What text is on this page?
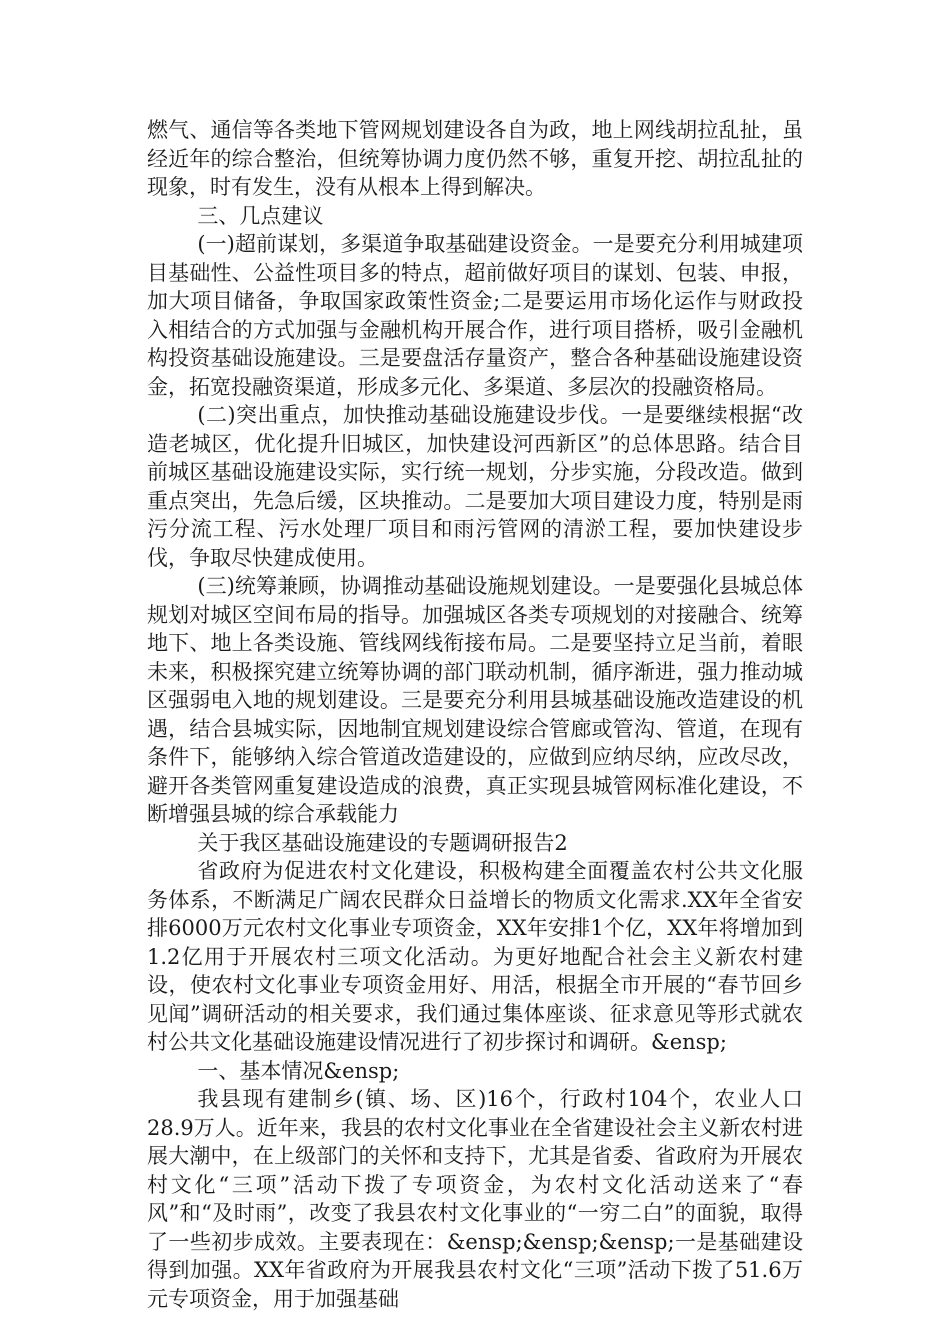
燃气、通信等各类地下管网规划建设各自为政，地上网线胡拉乱扯，虽经近年的综合整治，但统筹协调力度仍然不够，重复开挖、胡拉乱扯的现象，时有发生，没有从根本上得到解决。

三、几点建议

(一)超前谋划，多渠道争取基础建设资金。一是要充分利用城建项目基础性、公益性项目多的特点，超前做好项目的谋划、包装、申报，加大项目储备，争取国家政策性资金;二是要运用市场化运作与财政投入相结合的方式加强与金融机构开展合作，进行项目搭桥，吸引金融机构投资基础设施建设。三是要盘活存量资产，整合各种基础设施建设资金，拓宽投融资渠道，形成多元化、多渠道、多层次的投融资格局。

(二)突出重点，加快推动基础设施建设步伐。一是要继续根据“改造老城区，优化提升旧城区，加快建设河西新区”的总体思路。结合目前城区基础设施建设实际，实行统一规划，分步实施，分段改造。做到重点突出，先急后缓，区块推动。二是要加大项目建设力度，特别是雨污分流工程、污水处理厂项目和雨污管网的清淤工程，要加快建设步伐，争取尽快建成使用。

(三)统筹兼顾，协调推动基础设施规划建设。一是要强化县城总体规划对城区空间布局的指导。加强城区各类专项规划的对接融合、统筹地下、地上各类设施、管线网线衔接布局。二是要坚持立足当前，着眼未来，积极探究建立统筹协调的部门联动机制，循序渐进，强力推动城区强弱电入地的规划建设。三是要充分利用县城基础设施改造建设的机遇，结合县城实际，因地制宜规划建设综合管廊或管沟、管道，在现有条件下，能够纳入综合管道改造建设的，应做到应纳尽纳，应改尽改，避开各类管网重复建设造成的浪费，真正实现县城管网标准化建设，不断增强县城的综合承载能力

关于我区基础设施建设的专题调研报告2

省政府为促进农村文化建设，积极构建全面覆盖农村公共文化服务体系，不断满足广阔农民群众日益增长的物质文化需求.XX年全省安排6000万元农村文化事业专项资金，XX年安排1个亿，XX年将增加到1.2亿用于开展农村三项文化活动。为更好地配合社会主义新农村建设，使农村文化事业专项资金用好、用活，根据全市开展的“春节回乡见闻”调研活动的相关要求，我们通过集体座谈、征求意见等形式就农村公共文化基础设施建设情况进行了初步探讨和调研。&ensp;

一、基本情况&ensp;

我县现有建制乡(镇、场、区)16个，行政村104个，农业人口28.9万人。近年来，我县的农村文化事业在全省建设社会主义新农村进展大潮中，在上级部门的关怀和支持下，尤其是省委、省政府为开展农村文化“三项”活动下拨了专项资金，为农村文化活动送来了“春风”和“及时雨”，改变了我县农村文化事业的“一穷二白”的面貌，取得了一些初步成效。主要表现在：&ensp;&ensp;&ensp;一是基础建设得到加强。XX年省政府为开展我县农村文化“三项”活动下拨了51.6万元专项资金，用于加强基础
